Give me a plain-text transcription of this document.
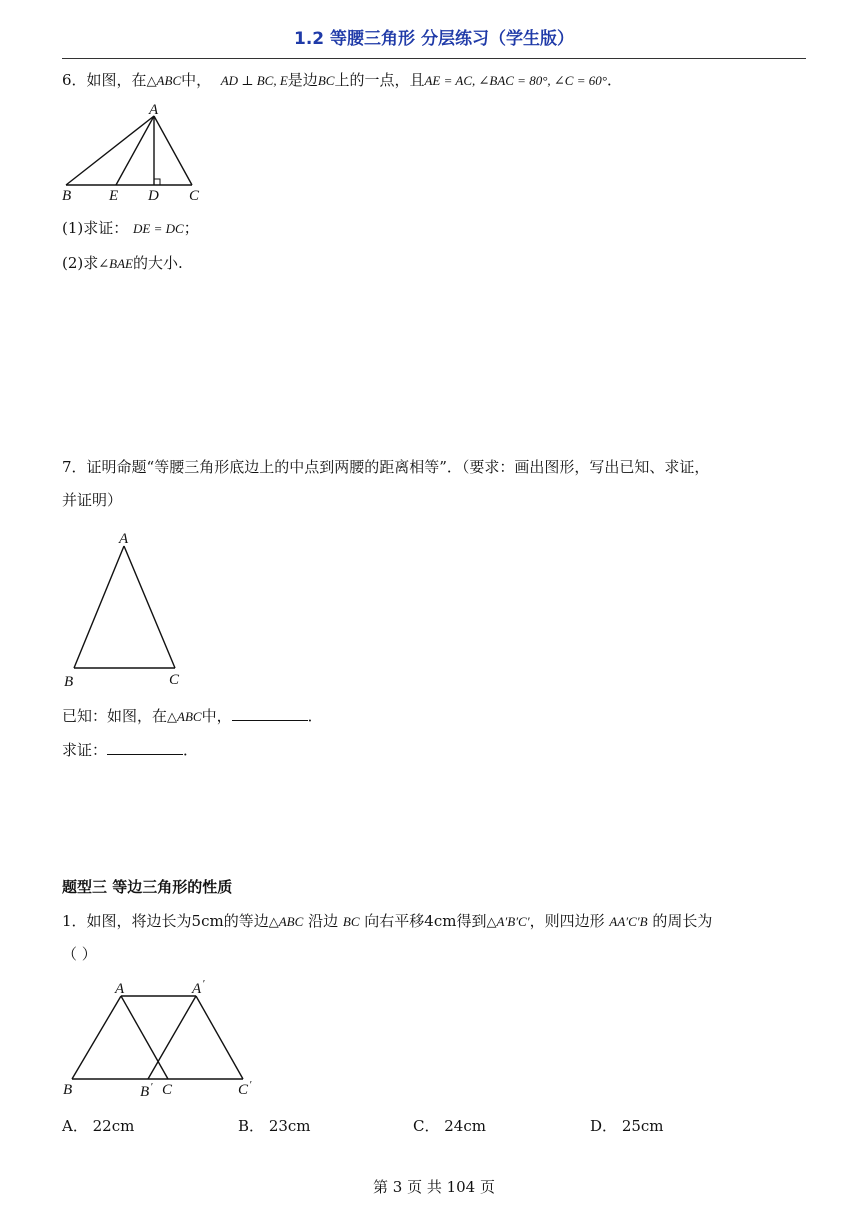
1.2 等腰三角形 分层练习（学生版）
6．如图，在△ABC中， AD ⊥ BC, E是边BC上的一点，且AE = AC, ∠BAC = 80°, ∠C = 60°．
A
B	E D C
(1)求证： DE = DC；
(2)求∠BAE的大小.
7．证明命题“等腰三角形底边上的中点到两腰的距离相等”．（要求：画出图形，写出已知、求证，
并证明）
A
B	C
已知：如图，在△ABC中，	．
求证：	．
题型三 等边三角形的性质
1．如图，将边长为5cm的等边△ABC 沿边 BC 向右平移4cm得到△A′B′C′，则四边形 AA′C′B 的周长为
（ ）
A	A′
B	B′ C	C′
A． 22cm	B． 23cm	C． 24cm	D． 25cm
第 3 页 共 104 页
